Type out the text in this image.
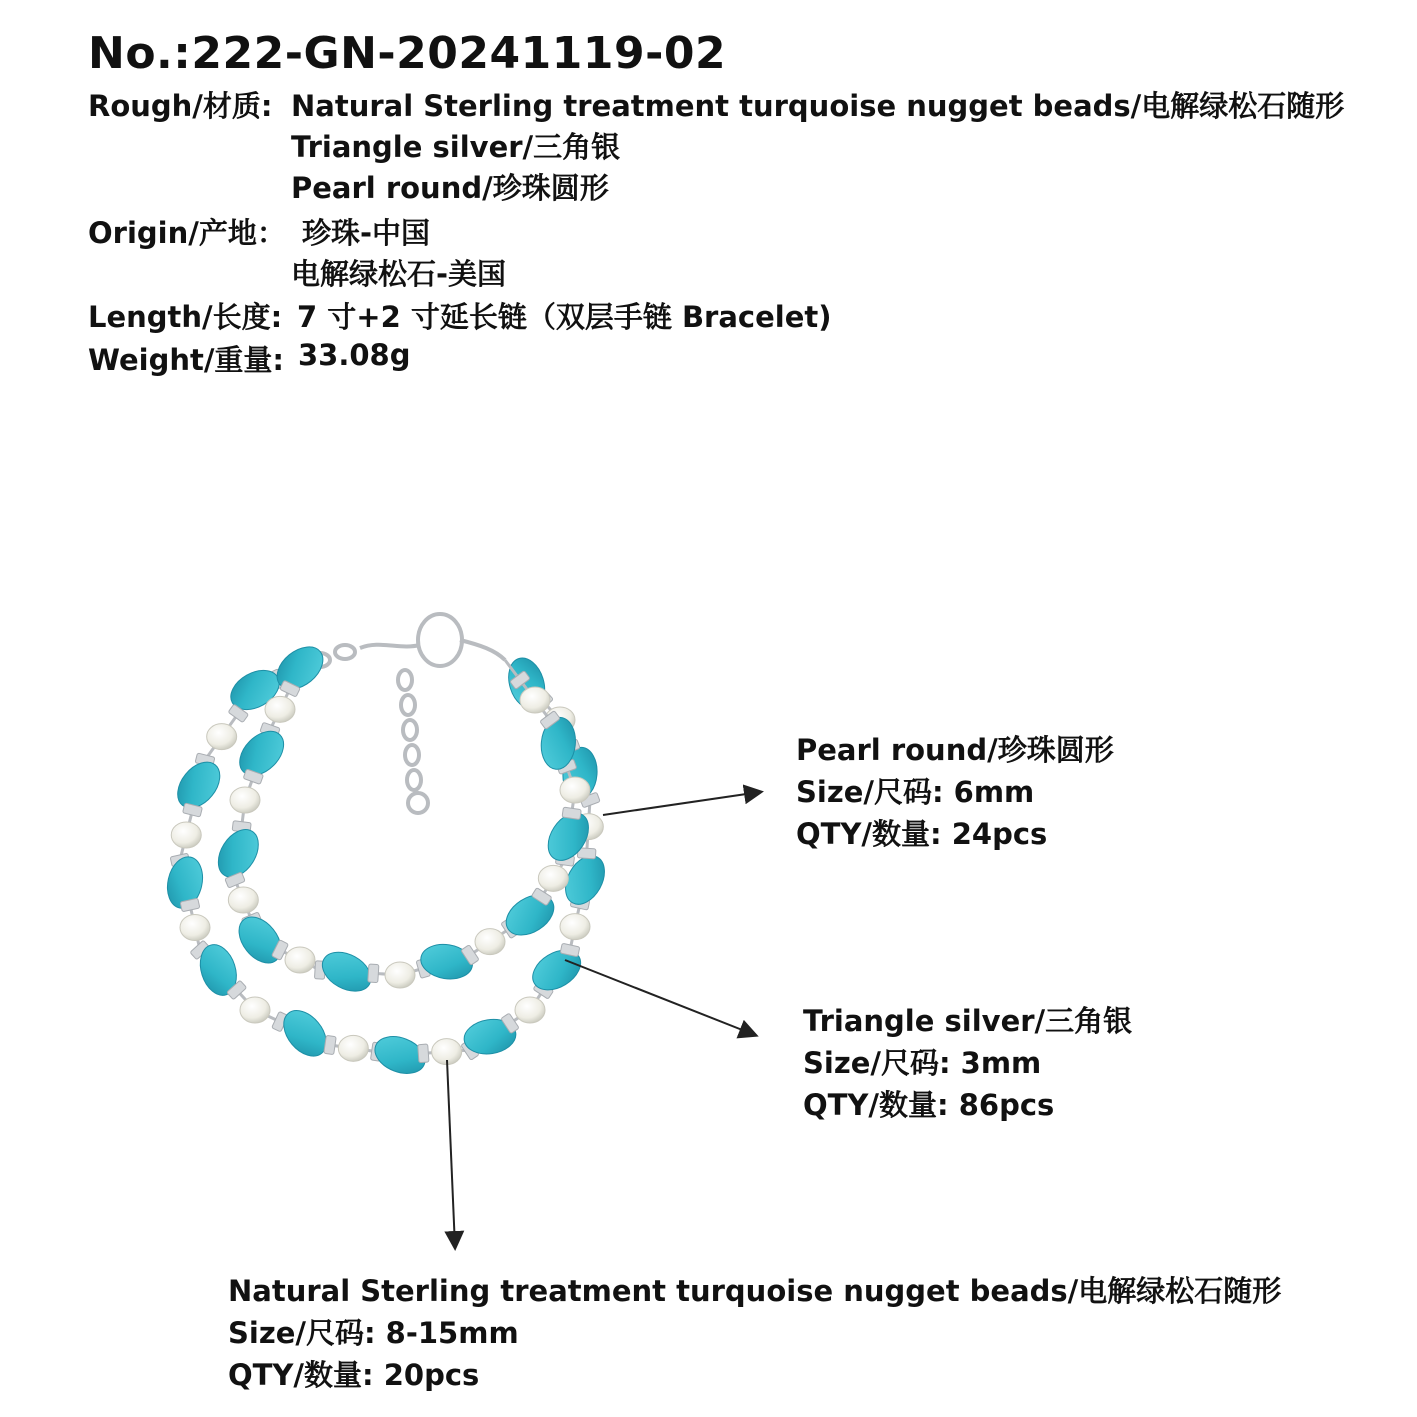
No.:222-GN-20241119-02
Rough/材质: Natural Sterling treatment turquoise nugget beads/电解绿松石随形
Triangle silver/三角银
Pearl round/珍珠圆形
Origin/产地： 珍珠-中国
电解绿松石-美国
Length/长度: 7 寸+2 寸延长链（双层手链 Bracelet)
Weight/重量: 33.08g
Pearl round/珍珠圆形
Size/尺码: 6mm
QTY/数量: 24pcs
Triangle silver/三角银
Size/尺码: 3mm
QTY/数量: 86pcs
Natural Sterling treatment turquoise nugget beads/电解绿松石随形
Size/尺码: 8-15mm
QTY/数量: 20pcs
